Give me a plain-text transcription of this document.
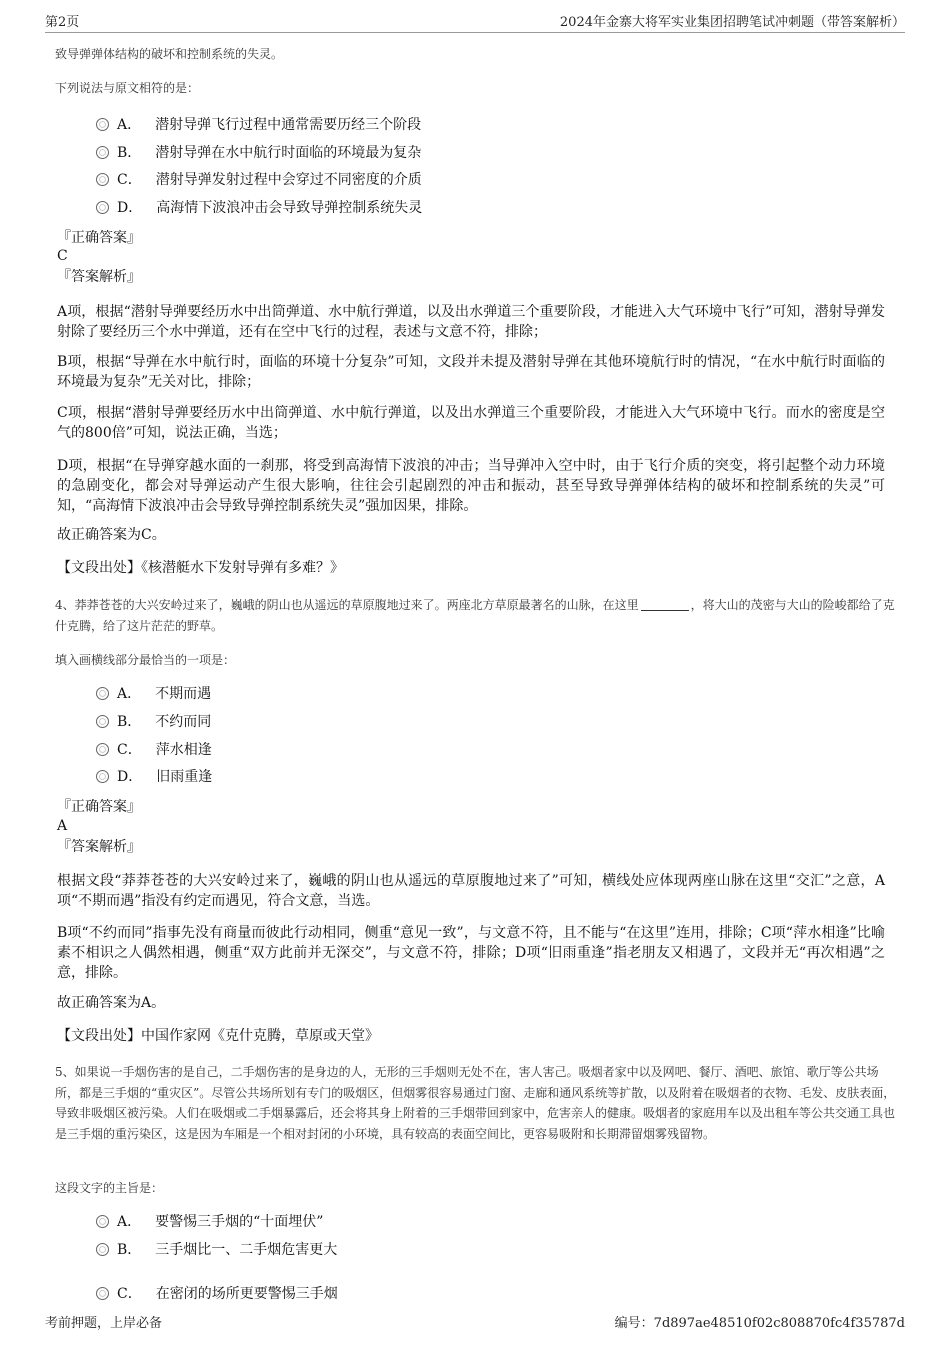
第2页	2024年金寨大将军实业集团招聘笔试冲刺题（带答案解析）
致导弹弹体结构的破坏和控制系统的失灵。
下列说法与原文相符的是：
A． 潜射导弹飞行过程中通常需要历经三个阶段
B． 潜射导弹在水中航行时面临的环境最为复杂
C． 潜射导弹发射过程中会穿过不同密度的介质
D． 高海情下波浪冲击会导致导弹控制系统失灵
『正确答案』
C
『答案解析』
A项，根据“潜射导弹要经历水中出筒弹道、水中航行弹道，以及出水弹道三个重要阶段，才能进入大气环境中飞行”可知，潜射导弹发射除了要经历三个水中弹道，还有在空中飞行的过程，表述与文意不符，排除；
B项，根据“导弹在水中航行时，面临的环境十分复杂”可知，文段并未提及潜射导弹在其他环境航行时的情况，“在水中航行时面临的环境最为复杂”无关对比，排除；
C项，根据“潜射导弹要经历水中出筒弹道、水中航行弹道，以及出水弹道三个重要阶段，才能进入大气环境中飞行。而水的密度是空气的800倍”可知，说法正确，当选；
D项，根据“在导弹穿越水面的一刹那，将受到高海情下波浪的冲击；当导弹冲入空中时，由于飞行介质的突变，将引起整个动力环境的急剧变化，都会对导弹运动产生很大影响，往往会引起剧烈的冲击和振动，甚至导致导弹弹体结构的破坏和控制系统的失灵”可知，“高海情下波浪冲击会导致导弹控制系统失灵”强加因果，排除。
故正确答案为C。
【文段出处】《核潜艇水下发射导弹有多难？》
4、莽莽苍苍的大兴安岭过来了，巍峨的阴山也从遥远的草原腹地过来了。两座北方草原最著名的山脉，在这里	，将大山的茂密与大山的险峻都给了克什克腾，给了这片茫茫的野草。
填入画横线部分最恰当的一项是：
A． 不期而遇
B． 不约而同
C． 萍水相逢
D． 旧雨重逢
『正确答案』
A
『答案解析』
根据文段“莽莽苍苍的大兴安岭过来了，巍峨的阴山也从遥远的草原腹地过来了”可知，横线处应体现两座山脉在这里“交汇”之意，A项“不期而遇”指没有约定而遇见，符合文意，当选。
B项“不约而同”指事先没有商量而彼此行动相同，侧重“意见一致”，与文意不符，且不能与“在这里”连用，排除；C项“萍水相逢”比喻素不相识之人偶然相遇，侧重“双方此前并无深交”，与文意不符，排除；D项“旧雨重逢”指老朋友又相遇了，文段并无“再次相遇”之意，排除。
故正确答案为A。
【文段出处】中国作家网《克什克腾，草原或天堂》
5、如果说一手烟伤害的是自己，二手烟伤害的是身边的人，无形的三手烟则无处不在，害人害己。吸烟者家中以及网吧、餐厅、酒吧、旅馆、歌厅等公共场所，都是三手烟的“重灾区”。尽管公共场所划有专门的吸烟区，但烟雾很容易通过门窗、走廊和通风系统等扩散，以及附着在吸烟者的衣物、毛发、皮肤表面，导致非吸烟区被污染。人们在吸烟或二手烟暴露后，还会将其身上附着的三手烟带回到家中，危害亲人的健康。吸烟者的家庭用车以及出租车等公共交通工具也是三手烟的重污染区，这是因为车厢是一个相对封闭的小环境，具有较高的表面空间比，更容易吸附和长期滞留烟雾残留物。
这段文字的主旨是：
A． 要警惕三手烟的“十面埋伏”
B． 三手烟比一、二手烟危害更大
C． 在密闭的场所更要警惕三手烟
考前押题，上岸必备	编号：7d897ae48510f02c808870fc4f35787d
